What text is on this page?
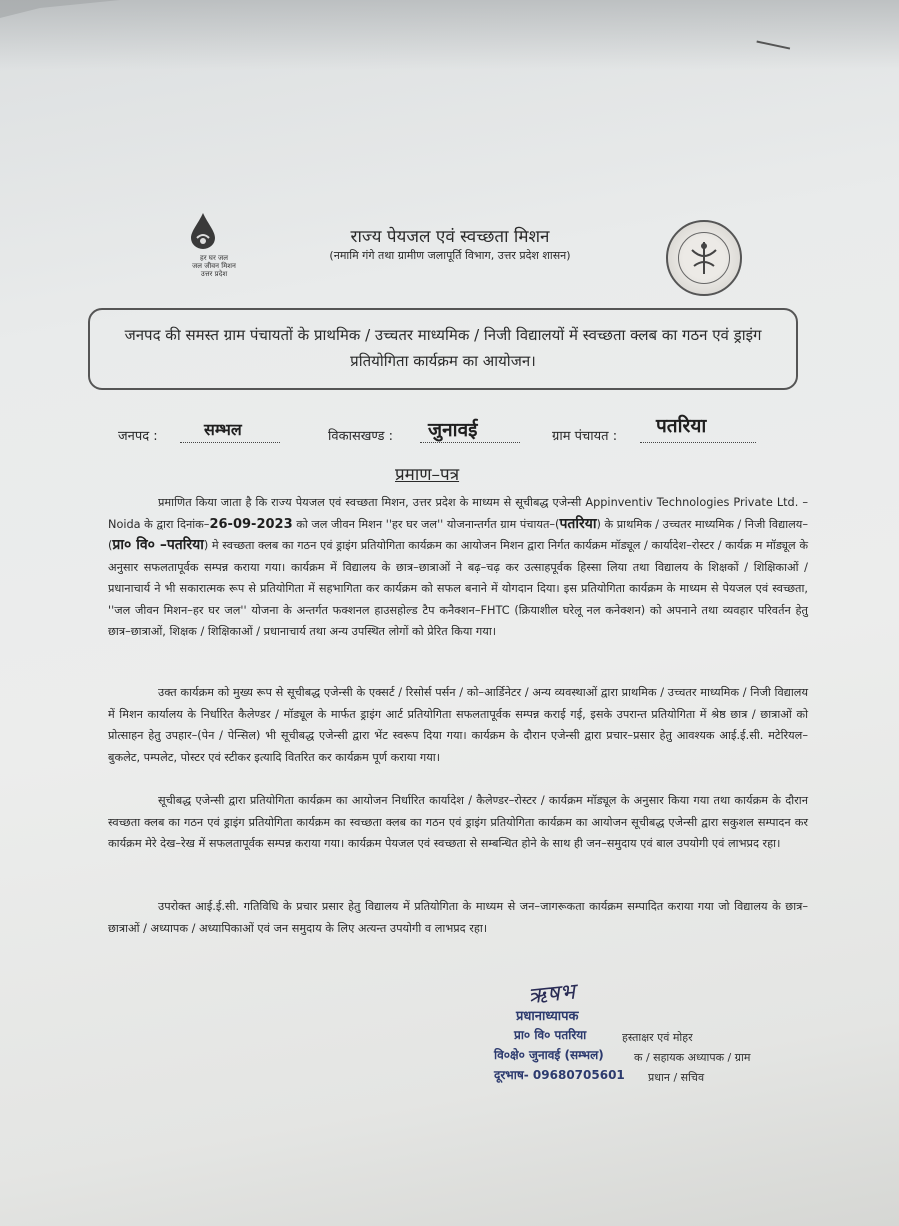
हर घर जल
जल जीवन मिशन
उत्तर प्रदेश
राज्य पेयजल एवं स्वच्छता मिशन
(नमामि गंगे तथा ग्रामीण जलापूर्ति विभाग, उत्तर प्रदेश शासन)
जनपद की समस्त ग्राम पंचायतों के प्राथमिक / उच्चतर माध्यमिक / निजी विद्यालयों में स्वच्छता क्लब का गठन एवं ड्राइंग प्रतियोगिता कार्यक्रम का आयोजन।
जनपद :	सम्भल	विकासखण्ड : जुनावई	ग्राम पंचायत : पतरिया
प्रमाण–पत्र
प्रमाणित किया जाता है कि राज्य पेयजल एवं स्वच्छता मिशन, उत्तर प्रदेश के माध्यम से सूचीबद्ध एजेन्सी Appinventiv Technologies Private Ltd. – Noida के द्वारा दिनांक–26-09-2023 को जल जीवन मिशन ''हर घर जल'' योजनान्तर्गत ग्राम पंचायत–(पतरिया) के प्राथमिक / उच्चतर माध्यमिक / निजी विद्यालय–(प्रा० वि० –पतरिया) मे स्वच्छता क्लब का गठन एवं ड्राइंग प्रतियोगिता कार्यक्रम का आयोजन मिशन द्वारा निर्गत कार्यक्रम मॉड्यूल / कार्यादेश–रोस्टर / कार्यक्र म मॉड्यूल के अनुसार सफलतापूर्वक सम्पन्न कराया गया। कार्यक्रम में विद्यालय के छात्र–छात्राओं ने बढ़–चढ़ कर उत्साहपूर्वक हिस्सा लिया तथा विद्यालय के शिक्षकों / शिक्षिकाओं / प्रधानाचार्य ने भी सकारात्मक रूप से प्रतियोगिता में सहभागिता कर कार्यक्रम को सफल बनाने में योगदान दिया। इस प्रतियोगिता कार्यक्रम के माध्यम से पेयजल एवं स्वच्छता, ''जल जीवन मिशन–हर घर जल'' योजना के अन्तर्गत फक्शनल हाउसहोल्ड टैप कनैक्शन–FHTC (क्रियाशील घरेलू नल कनेक्शन) को अपनाने तथा व्यवहार परिवर्तन हेतु छात्र–छात्राओं, शिक्षक / शिक्षिकाओं / प्रधानाचार्य तथा अन्य उपस्थित लोगों को प्रेरित किया गया।
उक्त कार्यक्रम को मुख्य रूप से सूचीबद्ध एजेन्सी के एक्सर्ट / रिसोर्स पर्सन / को–आर्डिनेटर / अन्य व्यवस्थाओं द्वारा प्राथमिक / उच्चतर माध्यमिक / निजी विद्यालय में मिशन कार्यालय के निर्धारित कैलेण्डर / मॉड्यूल के मार्फत ड्राइंग आर्ट प्रतियोगिता सफलतापूर्वक सम्पन्न कराई गई, इसके उपरान्त प्रतियोगिता में श्रेष्ठ छात्र / छात्राओं को प्रोत्साहन हेतु उपहार–(पेन / पेन्सिल) भी सूचीबद्ध एजेन्सी द्वारा भेंट स्वरूप दिया गया। कार्यक्रम के दौरान एजेन्सी द्वारा प्रचार–प्रसार हेतु आवश्यक आई.ई.सी. मटेरियल–बुकलेट, पम्पलेट, पोस्टर एवं स्टीकर इत्यादि वितरित कर कार्यक्रम पूर्ण कराया गया।
सूचीबद्ध एजेन्सी द्वारा प्रतियोगिता कार्यक्रम का आयोजन निर्धारित कार्यादेश / कैलेण्डर–रोस्टर / कार्यक्रम मॉड्यूल के अनुसार किया गया तथा कार्यक्रम के दौरान स्वच्छता क्लब का गठन एवं ड्राइंग प्रतियोगिता कार्यक्रम का स्वच्छता क्लब का गठन एवं ड्राइंग प्रतियोगिता कार्यक्रम का आयोजन सूचीबद्ध एजेन्सी द्वारा सकुशल सम्पादन कर कार्यक्रम मेरे देख–रेख में सफलतापूर्वक सम्पन्न कराया गया। कार्यक्रम पेयजल एवं स्वच्छता से सम्बन्धित होने के साथ ही जन–समुदाय एवं बाल उपयोगी एवं लाभप्रद रहा।
उपरोक्त आई.ई.सी. गतिविधि के प्रचार प्रसार हेतु विद्यालय में प्रतियोगिता के माध्यम से जन–जागरूकता कार्यक्रम सम्पादित कराया गया जो विद्यालय के छात्र–छात्राओं / अध्यापक / अध्यापिकाओं एवं जन समुदाय के लिए अत्यन्त उपयोगी व लाभप्रद रहा।
ऋषभ
प्रधानाध्यापक
प्रा० वि० पतरिया
वि०क्षे० जुनावई (सम्भल)
दूरभाष- 09680705601
हस्ताक्षर एवं मोहर
क / सहायक अध्यापक / ग्राम
प्रधान / सचिव
